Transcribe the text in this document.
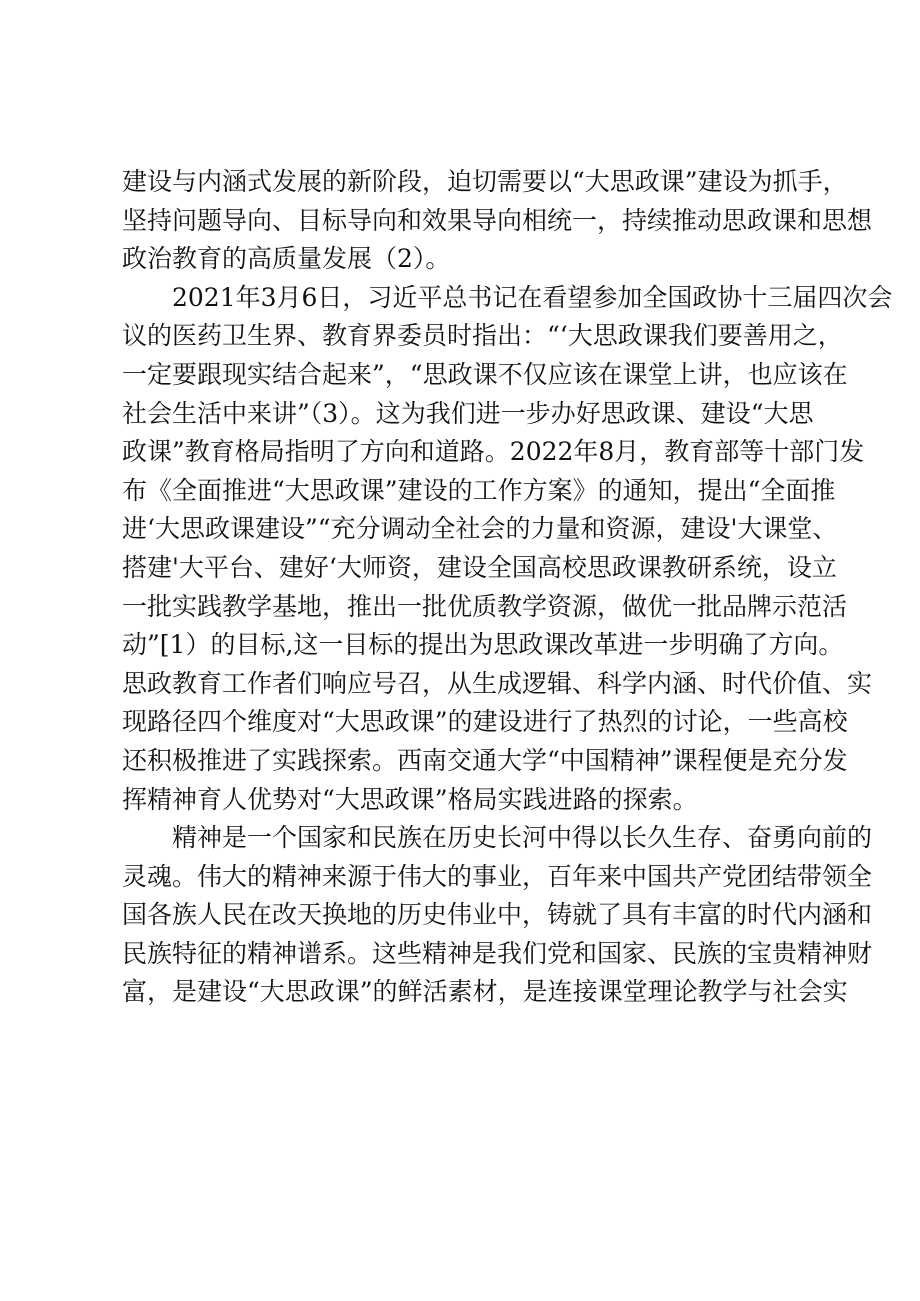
建设与内涵式发展的新阶段，迫切需要以“大思政课”建设为抓手，
坚持问题导向、目标导向和效果导向相统一，持续推动思政课和思想
政治教育的高质量发展（2）。
2021年3月6日，习近平总书记在看望参加全国政协十三届四次会
议的医药卫生界、教育界委员时指出：“‘大思政课我们要善用之，
一定要跟现实结合起来”，“思政课不仅应该在课堂上讲，也应该在
社会生活中来讲”（3）。这为我们进一步办好思政课、建设“大思
政课”教育格局指明了方向和道路。2022年8月，教育部等十部门发
布《全面推进“大思政课”建设的工作方案》的通知，提出“全面推
进‘大思政课建设”“充分调动全社会的力量和资源，建设'大课堂、
搭建'大平台、建好‘大师资，建设全国高校思政课教研系统，设立
一批实践教学基地，推出一批优质教学资源，做优一批品牌示范活
动”[1）的目标,这一目标的提出为思政课改革进一步明确了方向。
思政教育工作者们响应号召，从生成逻辑、科学内涵、时代价值、实
现路径四个维度对“大思政课”的建设进行了热烈的讨论，一些高校
还积极推进了实践探索。西南交通大学“中国精神”课程便是充分发
挥精神育人优势对“大思政课”格局实践进路的探索。
精神是一个国家和民族在历史长河中得以长久生存、奋勇向前的
灵魂。伟大的精神来源于伟大的事业，百年来中国共产党团结带领全
国各族人民在改天换地的历史伟业中，铸就了具有丰富的时代内涵和
民族特征的精神谱系。这些精神是我们党和国家、民族的宝贵精神财
富，是建设“大思政课”的鲜活素材，是连接课堂理论教学与社会实
